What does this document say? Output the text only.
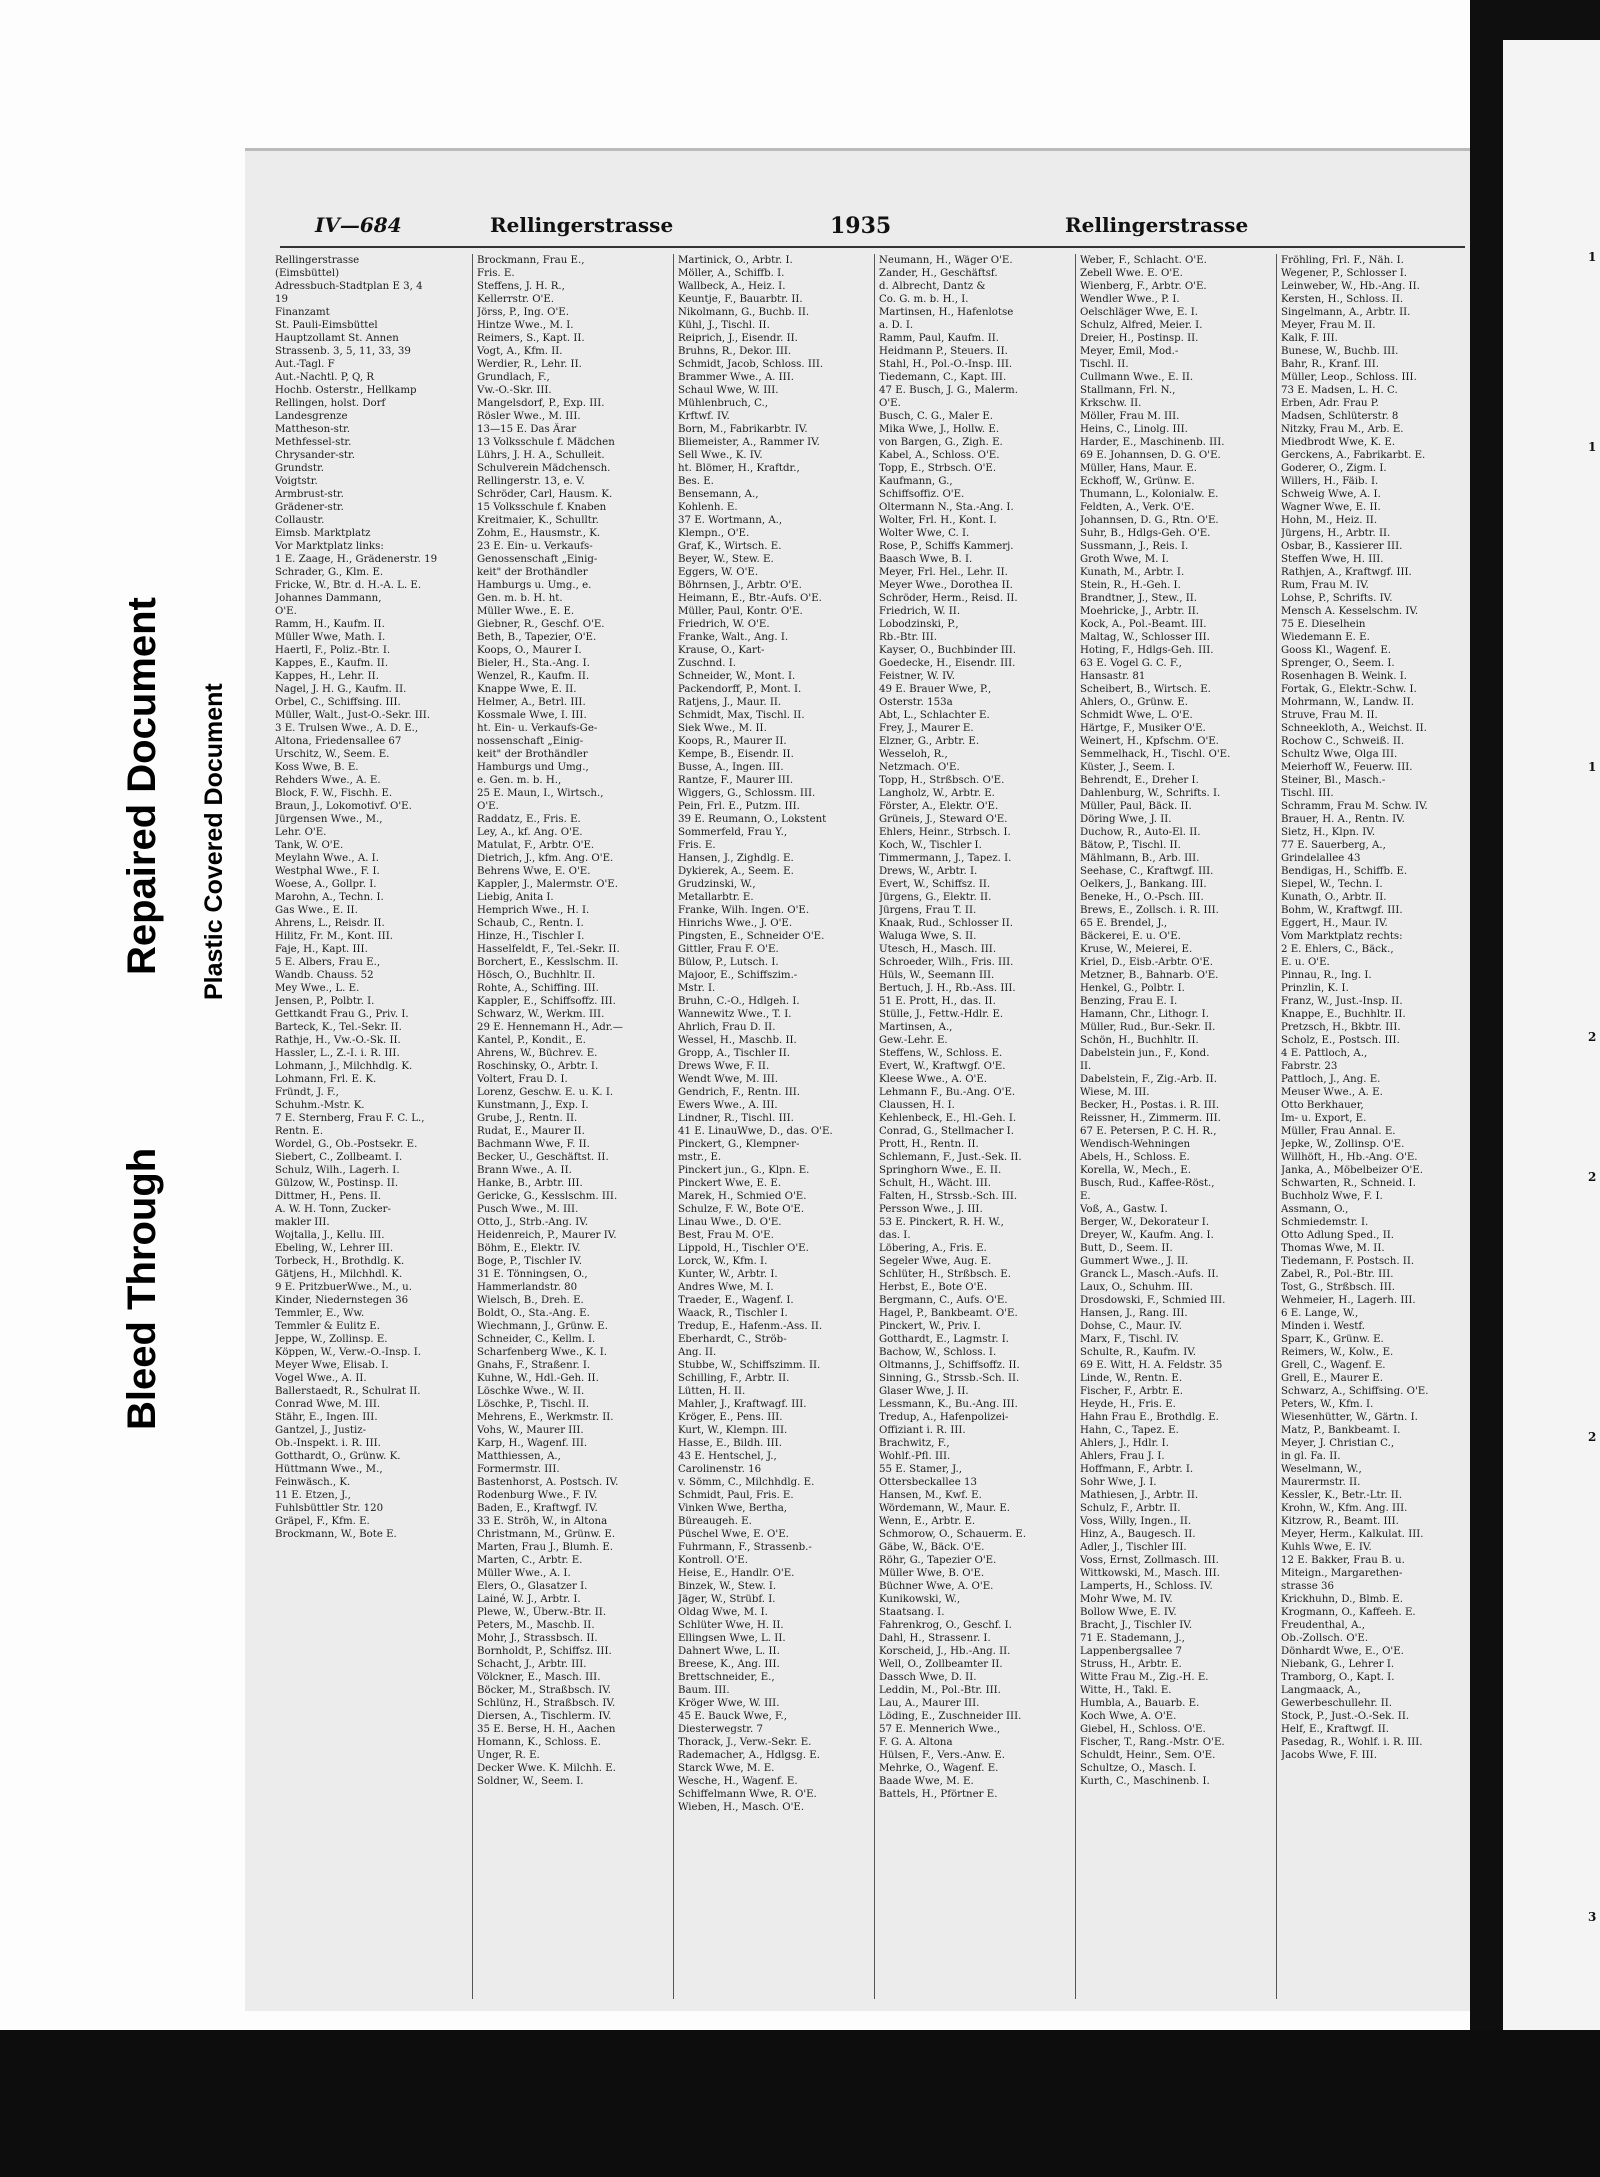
Bleed Through
Repaired Document Plastic Covered Document
IV—684	Rellingerstrasse	1935	Rellingerstrasse
Rellingerstrasse
(Eimsbüttel)
Adressbuch-Stadtplan E 3, 4
19
Finanzamt
St. Pauli-Eimsbüttel
Hauptzollamt St. Annen
Strassenb. 3, 5, 11, 33, 39
Aut.-Tagl. F
Aut.-Nachtl. P, Q, R
Hochb. Osterstr., Hellkamp
Rellingen, holst. Dorf
Landesgrenze
Mattheson-str.
Methfessel-str.
Chrysander-str.
Grundstr.
Voigtstr.
Armbrust-str.
Grädener-str.
Collaustr.
Eimsb. Marktplatz
Vor Marktplatz links:
1 E. Zaage, H., Grädenerstr. 19
Schrader, G., Klm. E.
Fricke, W., Btr. d. H.-A. L. E.
Johannes Dammann,
O'E.
Ramm, H., Kaufm. II.
Müller Wwe, Math. I.
Haertl, F., Poliz.-Btr. I.
Kappes, E., Kaufm. II.
Kappes, H., Lehr. II.
Nagel, J. H. G., Kaufm. II.
Orbel, C., Schiffsing. III.
Müller, Walt., Just-O.-Sekr. III.
3 E. Trulsen Wwe., A. D. E.,
Altona, Friedensallee 67
Urschitz, W., Seem. E.
Koss Wwe, B. E.
Rehders Wwe., A. E.
Block, F. W., Fischh. E.
Braun, J., Lokomotivf. O'E.
Jürgensen Wwe., M.,
Lehr. O'E.
Tank, W. O'E.
Meylahn Wwe., A. I.
Westphal Wwe., F. I.
Woese, A., Gollpr. I.
Marohn, A., Techn. I.
Gas Wwe., E. II.
Ahrens, L., Reisdr. II.
Hilitz, Fr. M., Kont. III.
Faje, H., Kapt. III.
5 E. Albers, Frau E.,
Wandb. Chauss. 52
Mey Wwe., L. E.
Jensen, P., Polbtr. I.
Gettkandt Frau G., Priv. I.
Barteck, K., Tel.-Sekr. II.
Rathje, H., Vw.-O.-Sk. II.
Hassler, L., Z.-I. i. R. III.
Lohmann, J., Milchhdlg. K.
Lohmann, Frl. E. K.
Fründt, J. F.,
Schuhm.-Mstr. K.
7 E. Sternberg, Frau F. C. L.,
Rentn. E.
Wordel, G., Ob.-Postsekr. E.
Siebert, C., Zollbeamt. I.
Schulz, Wilh., Lagerh. I.
Gülzow, W., Postinsp. II.
Dittmer, H., Pens. II.
A. W. H. Tonn, Zucker-
makler III.
Wojtalla, J., Kellu. III.
Ebeling, W., Lehrer III.
Torbeck, H., Brothdlg. K.
Gätjens, H., Milchhdl. K.
9 E. PritzbuerWwe., M., u.
Kinder, Niedernstegen 36
Temmler, E., Ww.
Temmler & Eulitz E.
Jeppe, W., Zollinsp. E.
Köppen, W., Verw.-O.-Insp. I.
Meyer Wwe, Elisab. I.
Vogel Wwe., A. II.
Ballerstaedt, R., Schulrat II.
Conrad Wwe, M. III.
Stähr, E., Ingen. III.
Gantzel, J., Justiz-
Ob.-Inspekt. i. R. III.
Gotthardt, O., Grünw. K.
Hüttmann Wwe., M.,
Feinwäsch., K.
11 E. Etzen, J.,
Fuhlsbüttler Str. 120
Gräpel, F., Kfm. E.
Brockmann, W., Bote E.
Brockmann, Frau E.,
Fris. E.
Steffens, J. H. R.,
Kellerrstr. O'E.
Jörss, P., Ing. O'E.
Hintze Wwe., M. I.
Reimers, S., Kapt. II.
Vogt, A., Kfm. II.
Werdier, R., Lehr. II.
Grundlach, F.,
Vw.-O.-Skr. III.
Mangelsdorf, P., Exp. III.
Rösler Wwe., M. III.
13—15 E. Das Ärar
13 Volksschule f. Mädchen
Lührs, J. H. A., Schulleit.
Schulverein Mädchensch.
Rellingerstr. 13, e. V.
Schröder, Carl, Hausm. K.
15 Volksschule f. Knaben
Kreitmaier, K., Schulltr.
Zohm, E., Hausmstr., K.
23 E. Ein- u. Verkaufs-
Genossenschaft „Einig-
keit" der Brothändler
Hamburgs u. Umg., e.
Gen. m. b. H. ht.
Müller Wwe., E. E.
Giebner, R., Geschf. O'E.
Beth, B., Tapezier, O'E.
Koops, O., Maurer I.
Bieler, H., Sta.-Ang. I.
Wenzel, R., Kaufm. II.
Knappe Wwe, E. II.
Helmer, A., Betrl. III.
Kossmale Wwe, I. III.
ht. Ein- u. Verkaufs-Ge-
nossenschaft „Einig-
keit" der Brothändler
Hamburgs und Umg.,
e. Gen. m. b. H.,
25 E. Maun, I., Wirtsch.,
O'E.
Raddatz, E., Fris. E.
Ley, A., kf. Ang. O'E.
Matulat, F., Arbtr. O'E.
Dietrich, J., kfm. Ang. O'E.
Behrens Wwe, E. O'E.
Kappler, J., Malermstr. O'E.
Liebig, Anita I.
Hemprich Wwe., H. I.
Schaub, C., Rentn. I.
Hinze, H., Tischler I.
Hasselfeldt, F., Tel.-Sekr. II.
Borchert, E., Kesslschm. II.
Hösch, O., Buchhltr. II.
Rohte, A., Schiffing. III.
Kappler, E., Schiffsoffz. III.
Schwarz, W., Werkm. III.
29 E. Hennemann H., Adr.—
Kantel, P., Kondit., E.
Ahrens, W., Büchrev. E.
Roschinsky, O., Arbtr. I.
Voltert, Frau D. I.
Lorenz, Geschw. E. u. K. I.
Kunstmann, J., Exp. I.
Grube, J., Rentn. II.
Rudat, E., Maurer II.
Bachmann Wwe, F. II.
Becker, U., Geschäftst. II.
Brann Wwe., A. II.
Hanke, B., Arbtr. III.
Gericke, G., Kesslschm. III.
Pusch Wwe., M. III.
Otto, J., Strb.-Ang. IV.
Heidenreich, P., Maurer IV.
Böhm, E., Elektr. IV.
Boge, P., Tischler IV.
31 E. Tönningsen, O.,
Hammerlandstr. 80
Wielsch, B., Dreh. E.
Boldt, O., Sta.-Ang. E.
Wiechmann, J., Grünw. E.
Schneider, C., Kellm. I.
Scharfenberg Wwe., K. I.
Gnahs, F., Straßenr. I.
Kuhne, W., Hdl.-Geh. II.
Löschke Wwe., W. II.
Löschke, P., Tischl. II.
Mehrens, E., Werkmstr. II.
Vohs, W., Maurer III.
Karp, H., Wagenf. III.
Matthiessen, A.,
Formermstr. III.
Bastenhorst, A. Postsch. IV.
Rodenburg Wwe., F. IV.
Baden, E., Kraftwgf. IV.
33 E. Ströh, W., in Altona
Christmann, M., Grünw. E.
Marten, Frau J., Blumh. E.
Marten, C., Arbtr. E.
Müller Wwe., A. I.
Elers, O., Glasatzer I.
Lainé, W. J., Arbtr. I.
Plewe, W., Überw.-Btr. II.
Peters, M., Maschb. II.
Mohr, J., Strassbsch. II.
Bornholdt, P., Schiffsz. III.
Schacht, J., Arbtr. III.
Völckner, E., Masch. III.
Böcker, M., Straßbsch. IV.
Schlünz, H., Straßbsch. IV.
Diersen, A., Tischlerm. IV.
35 E. Berse, H. H., Aachen
Homann, K., Schloss. E.
Unger, R. E.
Decker Wwe. K. Milchh. E.
Soldner, W., Seem. I.
Martinick, O., Arbtr. I.
Möller, A., Schiffb. I.
Wallbeck, A., Heiz. I.
Keuntje, F., Bauarbtr. II.
Nikolmann, G., Buchb. II.
Kühl, J., Tischl. II.
Reiprich, J., Eisendr. II.
Bruhns, R., Dekor. III.
Schmidt, Jacob, Schloss. III.
Brammer Wwe., A. III.
Schaul Wwe, W. III.
Mühlenbruch, C.,
Krftwf. IV.
Born, M., Fabrikarbtr. IV.
Bliemeister, A., Rammer IV.
Sell Wwe., K. IV.
ht. Blömer, H., Kraftdr.,
Bes. E.
Bensemann, A.,
Kohlenh. E.
37 E. Wortmann, A.,
Klempn., O'E.
Graf, K., Wirtsch. E.
Beyer, W., Stew. E.
Eggers, W. O'E.
Böhrnsen, J., Arbtr. O'E.
Heimann, E., Btr.-Aufs. O'E.
Müller, Paul, Kontr. O'E.
Friedrich, W. O'E.
Franke, Walt., Ang. I.
Krause, O., Kart-
Zuschnd. I.
Schneider, W., Mont. I.
Packendorff, P., Mont. I.
Ratjens, J., Maur. II.
Schmidt, Max, Tischl. II.
Siek Wwe., M. II.
Koops, R., Maurer II.
Kempe, B., Eisendr. II.
Busse, A., Ingen. III.
Rantze, F., Maurer III.
Wiggers, G., Schlossm. III.
Pein, Frl. E., Putzm. III.
39 E. Reumann, O., Lokstent
Sommerfeld, Frau Y.,
Fris. E.
Hansen, J., Zighdlg. E.
Dykierek, A., Seem. E.
Grudzinski, W.,
Metallarbtr. E.
Franke, Wilh. Ingen. O'E.
Hinrichs Wwe., J. O'E.
Pingsten, E., Schneider O'E.
Gittler, Frau F. O'E.
Bülow, P., Lutsch. I.
Majoor, E., Schiffszim.-
Mstr. I.
Bruhn, C.-O., Hdlgeh. I.
Wannewitz Wwe., T. I.
Ahrlich, Frau D. II.
Wessel, H., Maschb. II.
Gropp, A., Tischler II.
Drews Wwe, F. II.
Wendt Wwe, M. III.
Gendrich, F., Rentn. III.
Ewers Wwe., A. III.
Lindner, R., Tischl. III.
41 E. LinauWwe, D., das. O'E.
Pinckert, G., Klempner-
mstr., E.
Pinckert jun., G., Klpn. E.
Pinckert Wwe, E. E.
Marek, H., Schmied O'E.
Schulze, F. W., Bote O'E.
Linau Wwe., D. O'E.
Best, Frau M. O'E.
Lippold, H., Tischler O'E.
Lorck, W., Kfm. I.
Kunter, W., Arbtr. I.
Andres Wwe, M. I.
Traeder, E., Wagenf. I.
Waack, R., Tischler I.
Tredup, E., Hafenm.-Ass. II.
Eberhardt, C., Ströb-
Ang. II.
Stubbe, W., Schiffszimm. II.
Schilling, F., Arbtr. II.
Lütten, H. II.
Mahler, J., Kraftwagf. III.
Kröger, E., Pens. III.
Kurt, W., Klempn. III.
Hasse, E., Bildh. III.
43 E. Hentschel, J.,
Carolinenstr. 16
v. Sömm, C., Milchhdlg. E.
Schmidt, Paul, Fris. E.
Vinken Wwe, Bertha,
Büreaugeh. E.
Püschel Wwe, E. O'E.
Fuhrmann, F., Strassenb.-
Kontroll. O'E.
Heise, E., Handlr. O'E.
Binzek, W., Stew. I.
Jäger, W., Strübf. I.
Oldag Wwe, M. I.
Schlüter Wwe, H. II.
Ellingsen Wwe, L. II.
Dahnert Wwe, L. II.
Breese, K., Ang. III.
Brettschneider, E.,
Baum. III.
Kröger Wwe, W. III.
45 E. Bauck Wwe, F.,
Diesterwegstr. 7
Thorack, J., Verw.-Sekr. E.
Rademacher, A., Hdlgsg. E.
Starck Wwe, M. E.
Wesche, H., Wagenf. E.
Schiffelmann Wwe, R. O'E.
Wieben, H., Masch. O'E.
Neumann, H., Wäger O'E.
Zander, H., Geschäftsf.
d. Albrecht, Dantz &
Co. G. m. b. H., I.
Martinsen, H., Hafenlotse
a. D. I.
Ramm, Paul, Kaufm. II.
Heidmann P., Steuers. II.
Stahl, H., Pol.-O.-Insp. III.
Tiedemann, C., Kapt. III.
47 E. Busch, J. G., Malerm.
O'E.
Busch, C. G., Maler E.
Mika Wwe, J., Hollw. E.
von Bargen, G., Zigh. E.
Kabel, A., Schloss. O'E.
Topp, E., Strbsch. O'E.
Kaufmann, G.,
Schiffsoffiz. O'E.
Oltermann N., Sta.-Ang. I.
Wolter, Frl. H., Kont. I.
Wolter Wwe, C. I.
Rose, P., Schiffs Kammerj.
Baasch Wwe, B. I.
Meyer, Frl. Hel., Lehr. II.
Meyer Wwe., Dorothea II.
Schröder, Herm., Reisd. II.
Friedrich, W. II.
Lobodzinski, P.,
Rb.-Btr. III.
Kayser, O., Buchbinder III.
Goedecke, H., Eisendr. III.
Feistner, W. IV.
49 E. Brauer Wwe, P.,
Osterstr. 153a
Abt, L., Schlachter E.
Frey, J., Maurer E.
Elzner, G., Arbtr. E.
Wesseloh, R.,
Netzmach. O'E.
Topp, H., Strßbsch. O'E.
Langholz, W., Arbtr. E.
Förster, A., Elektr. O'E.
Grüneis, J., Steward O'E.
Ehlers, Heinr., Strbsch. I.
Koch, W., Tischler I.
Timmermann, J., Tapez. I.
Drews, W., Arbtr. I.
Evert, W., Schiffsz. II.
Jürgens, G., Elektr. II.
Jürgens, Frau T. II.
Knaak, Rud., Schlosser II.
Waluga Wwe, S. II.
Utesch, H., Masch. III.
Schroeder, Wilh., Fris. III.
Hüls, W., Seemann III.
Bertuch, J. H., Rb.-Ass. III.
51 E. Prott, H., das. II.
Stülle, J., Fettw.-Hdlr. E.
Martinsen, A.,
Gew.-Lehr. E.
Steffens, W., Schloss. E.
Evert, W., Kraftwgf. O'E.
Kleese Wwe., A. O'E.
Lehmann F., Bu.-Ang. O'E.
Claussen, H. I.
Kehlenbeck, E., Hl.-Geh. I.
Conrad, G., Stellmacher I.
Prott, H., Rentn. II.
Schlemann, F., Just.-Sek. II.
Springhorn Wwe., E. II.
Schult, H., Wächt. III.
Falten, H., Strssb.-Sch. III.
Persson Wwe., J. III.
53 E. Pinckert, R. H. W.,
das. I.
Löbering, A., Fris. E.
Segeler Wwe, Aug. E.
Schlüter, H., Strßbsch. E.
Herbst, E., Bote O'E.
Bergmann, C., Aufs. O'E.
Hagel, P., Bankbeamt. O'E.
Pinckert, W., Priv. I.
Gotthardt, E., Lagmstr. I.
Bachow, W., Schloss. I.
Oltmanns, J., Schiffsoffz. II.
Sinning, G., Strssb.-Sch. II.
Glaser Wwe, J. II.
Lessmann, K., Bu.-Ang. III.
Tredup, A., Hafenpolizei-
Offiziant i. R. III.
Brachwitz, F.,
Wohlf.-Pfl. III.
55 E. Stamer, J.,
Ottersbeckallee 13
Hansen, M., Kwf. E.
Wördemann, W., Maur. E.
Wenn, E., Arbtr. E.
Schmorow, O., Schauerm. E.
Gäbe, W., Bäck. O'E.
Röhr, G., Tapezier O'E.
Müller Wwe, B. O'E.
Büchner Wwe, A. O'E.
Kunikowski, W.,
Staatsang. I.
Fahrenkrog, O., Geschf. I.
Dahl, H., Strassenr. I.
Korscheid, J., Hb.-Ang. II.
Well, O., Zollbeamter II.
Dassch Wwe, D. II.
Leddin, M., Pol.-Btr. III.
Lau, A., Maurer III.
Löding, E., Zuschneider III.
57 E. Mennerich Wwe.,
F. G. A. Altona
Hülsen, F., Vers.-Anw. E.
Mehrke, O., Wagenf. E.
Baade Wwe, M. E.
Battels, H., Pförtner E.
Weber, F., Schlacht. O'E.
Zebell Wwe. E. O'E.
Wienberg, F., Arbtr. O'E.
Wendler Wwe., P. I.
Oelschläger Wwe, E. I.
Schulz, Alfred, Meier. I.
Dreier, H., Postinsp. II.
Meyer, Emil, Mod.-
Tischl. II.
Cullmann Wwe., E. II.
Stallmann, Frl. N.,
Krkschw. II.
Möller, Frau M. III.
Heins, C., Linolg. III.
Harder, E., Maschinenb. III.
69 E. Johannsen, D. G. O'E.
Müller, Hans, Maur. E.
Eckhoff, W., Grünw. E.
Thumann, L., Kolonialw. E.
Feldten, A., Verk. O'E.
Johannsen, D. G., Rtn. O'E.
Suhr, B., Hdlgs-Geh. O'E.
Sussmann, J., Reis. I.
Groth Wwe, M. I.
Kunath, M., Arbtr. I.
Stein, R., H.-Geh. I.
Brandtner, J., Stew., II.
Moehricke, J., Arbtr. II.
Kock, A., Pol.-Beamt. III.
Maltag, W., Schlosser III.
Hoting, F., Hdlgs-Geh. III.
63 E. Vogel G. C. F.,
Hansastr. 81
Scheibert, B., Wirtsch. E.
Ahlers, O., Grünw. E.
Schmidt Wwe, L. O'E.
Härtge, F., Musiker O'E.
Weinert, H., Kpfschm. O'E.
Semmelhack, H., Tischl. O'E.
Küster, J., Seem. I.
Behrendt, E., Dreher I.
Dahlenburg, W., Schrifts. I.
Müller, Paul, Bäck. II.
Döring Wwe, J. II.
Duchow, R., Auto-El. II.
Bätow, P., Tischl. II.
Mählmann, B., Arb. III.
Seehase, C., Kraftwgf. III.
Oelkers, J., Bankang. III.
Beneke, H., O.-Psch. III.
Brews, E., Zollsch. i. R. III.
65 E. Brendel, J.,
Bäckerei, E. u. O'E.
Kruse, W., Meierei, E.
Kriel, D., Eisb.-Arbtr. O'E.
Metzner, B., Bahnarb. O'E.
Henkel, G., Polbtr. I.
Benzing, Frau E. I.
Hamann, Chr., Lithogr. I.
Müller, Rud., Bur.-Sekr. II.
Schön, H., Buchhltr. II.
Dabelstein jun., F., Kond.
II.
Dabelstein, F., Zig.-Arb. II.
Wiese, M. III.
Becker, H., Postas. i. R. III.
Reissner, H., Zimmerm. III.
67 E. Petersen, P. C. H. R.,
Wendisch-Wehningen
Abels, H., Schloss. E.
Korella, W., Mech., E.
Busch, Rud., Kaffee-Röst.,
E.
Voß, A., Gastw. I.
Berger, W., Dekorateur I.
Dreyer, W., Kaufm. Ang. I.
Butt, D., Seem. II.
Gummert Wwe., J. II.
Granck L., Masch.-Aufs. II.
Laux, O., Schuhm. III.
Drosdowski, F., Schmied III.
Hansen, J., Rang. III.
Dohse, C., Maur. IV.
Marx, F., Tischl. IV.
Schulte, R., Kaufm. IV.
69 E. Witt, H. A. Feldstr. 35
Linde, W., Rentn. E.
Fischer, F., Arbtr. E.
Heyde, H., Fris. E.
Hahn Frau E., Brothdlg. E.
Hahn, C., Tapez. E.
Ahlers, J., Hdlr. I.
Ahlers, Frau J. I.
Hoffmann, F., Arbtr. I.
Sohr Wwe, J. I.
Mathiesen, J., Arbtr. II.
Schulz, F., Arbtr. II.
Voss, Willy, Ingen., II.
Hinz, A., Baugesch. II.
Adler, J., Tischler III.
Voss, Ernst, Zollmasch. III.
Wittkowski, M., Masch. III.
Lamperts, H., Schloss. IV.
Mohr Wwe, M. IV.
Bollow Wwe, E. IV.
Bracht, J., Tischler IV.
71 E. Stademann, J.,
Lappenbergsallee 7
Struss, H., Arbtr. E.
Witte Frau M., Zig.-H. E.
Witte, H., Takl. E.
Humbla, A., Bauarb. E.
Koch Wwe, A. O'E.
Giebel, H., Schloss. O'E.
Fischer, T., Rang.-Mstr. O'E.
Schuldt, Heinr., Sem. O'E.
Schultze, O., Masch. I.
Kurth, C., Maschinenb. I.
Fröhling, Frl. F., Näh. I.
Wegener, P., Schlosser I.
Leinweber, W., Hb.-Ang. II.
Kersten, H., Schloss. II.
Singelmann, A., Arbtr. II.
Meyer, Frau M. II.
Kalk, F. III.
Bunese, W., Buchb. III.
Bahr, R., Kranf. III.
Müller, Leop., Schloss. III.
73 E. Madsen, L. H. C.
Erben, Adr. Frau P.
Madsen, Schlüterstr. 8
Nitzky, Frau M., Arb. E.
Miedbrodt Wwe, K. E.
Gerckens, A., Fabrikarbt. E.
Goderer, O., Zigm. I.
Willers, H., Fäib. I.
Schweig Wwe, A. I.
Wagner Wwe, E. II.
Hohn, M., Heiz. II.
Jürgens, H., Arbtr. II.
Osbar, B., Kassierer III.
Steffen Wwe, H. III.
Rathjen, A., Kraftwgf. III.
Rum, Frau M. IV.
Lohse, P., Schrifts. IV.
Mensch A. Kesselschm. IV.
75 E. Dieselhein
Wiedemann E. E.
Gooss Kl., Wagenf. E.
Sprenger, O., Seem. I.
Rosenhagen B. Weink. I.
Fortak, G., Elektr.-Schw. I.
Mohrmann, W., Landw. II.
Struve, Frau M. II.
Schneekloth, A., Weichst. II.
Rochow C., Schweiß. II.
Schultz Wwe, Olga III.
Meierhoff W., Feuerw. III.
Steiner, Bl., Masch.-
Tischl. III.
Schramm, Frau M. Schw. IV.
Brauer, H. A., Rentn. IV.
Sietz, H., Klpn. IV.
77 E. Sauerberg, A.,
Grindelallee 43
Bendigas, H., Schiffb. E.
Siepel, W., Techn. I.
Kunath, O., Arbtr. II.
Bohm, W., Kraftwgf. III.
Eggert, H., Maur. IV.
Vom Marktplatz rechts:
2 E. Ehlers, C., Bäck.,
E. u. O'E.
Pinnau, R., Ing. I.
Prinzlin, K. I.
Franz, W., Just.-Insp. II.
Knappe, E., Buchhltr. II.
Pretzsch, H., Bkbtr. III.
Scholz, E., Postsch. III.
4 E. Pattloch, A.,
Fabrstr. 23
Pattloch, J., Ang. E.
Meuser Wwe., A. E.
Otto Berkhauer,
Im- u. Export, E.
Müller, Frau Annal. E.
Jepke, W., Zollinsp. O'E.
Willhöft, H., Hb.-Ang. O'E.
Janka, A., Möbelbeizer O'E.
Schwarten, R., Schneid. I.
Buchholz Wwe, F. I.
Assmann, O.,
Schmiedemstr. I.
Otto Adlung Sped., II.
Thomas Wwe, M. II.
Tiedemann, F. Postsch. II.
Zabel, R., Pol.-Btr. III.
Tost, G., Strßbsch. III.
Wehmeier, H., Lagerh. III.
6 E. Lange, W.,
Minden i. Westf.
Sparr, K., Grünw. E.
Reimers, W., Kolw., E.
Grell, C., Wagenf. E.
Grell, E., Maurer E.
Schwarz, A., Schiffsing. O'E.
Peters, W., Kfm. I.
Wiesenhütter, W., Gärtn. I.
Matz, P., Bankbeamt. I.
Meyer, J. Christian C.,
in gl. Fa. II.
Weselmann, W.,
Maurermstr. II.
Kessler, K., Betr.-Ltr. II.
Krohn, W., Kfm. Ang. III.
Kitzrow, R., Beamt. III.
Meyer, Herm., Kalkulat. III.
Kuhls Wwe, E. IV.
12 E. Bakker, Frau B. u.
Miteign., Margarethen-
strasse 36
Krickhuhn, D., Blmb. E.
Krogmann, O., Kaffeeh. E.
Freudenthal, A.,
Ob.-Zollsch. O'E.
Dönhardt Wwe, E., O'E.
Niebank, G., Lehrer I.
Tramborg, O., Kapt. I.
Langmaack, A.,
Gewerbeschullehr. II.
Stock, P., Just.-O.-Sek. II.
Helf, E., Kraftwgf. II.
Pasedag, R., Wohlf. i. R. III.
Jacobs Wwe, F. III.
1
1
1
2
2
2
3
